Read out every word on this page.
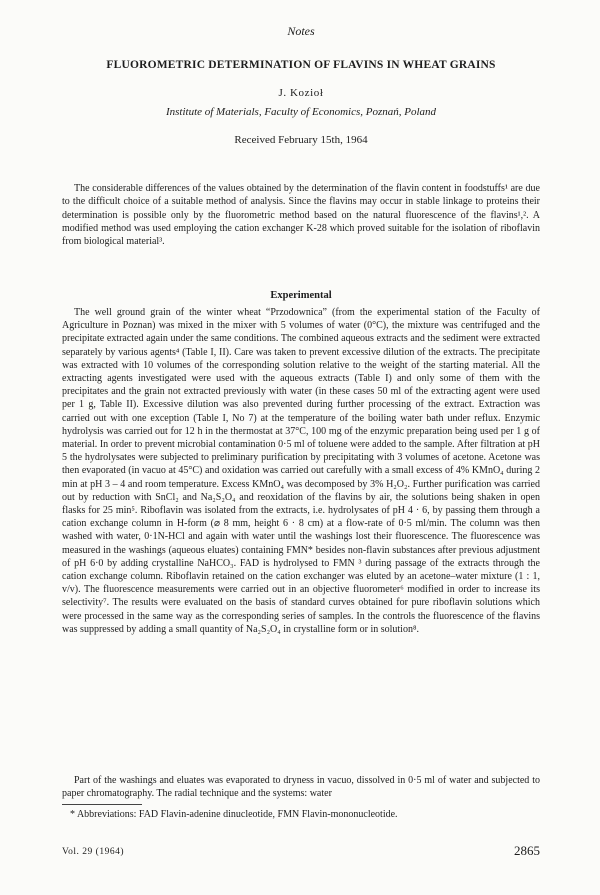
Notes
FLUOROMETRIC DETERMINATION OF FLAVINS IN WHEAT GRAINS
J. Kozioł
Institute of Materials, Faculty of Economics, Poznań, Poland
Received February 15th, 1964

The considerable differences of the values obtained by the determination of the flavin content in foodstuffs¹ are due to the difficult choice of a suitable method of analysis. Since the flavins may occur in stable linkage to proteins their determination is possible only by the fluorometric method based on the natural fluorescence of the flavins¹,². A modified method was used employing the cation exchanger K-28 which proved suitable for the isolation of riboflavin from biological material³.

Experimental

The well ground grain of the winter wheat “Przodownica” (from the experimental station of the Faculty of Agriculture in Poznan) was mixed in the mixer with 5 volumes of water (0°C), the mixture was centrifuged and the precipitate extracted again under the same conditions. The combined aqueous extracts and the sediment were extracted separately by various agents⁴ (Table I, II). Care was taken to prevent excessive dilution of the extracts. The precipitate was extracted with 10 volumes of the corresponding solution relative to the weight of the starting material. All the extracting agents investigated were used with the aqueous extracts (Table I) and only some of them with the precipitates and the grain not extracted previously with water (in these cases 50 ml of the extracting agent were used per 1 g, Table II). Excessive dilution was also prevented during further processing of the extract. Extraction was carried out with one exception (Table I, No 7) at the temperature of the boiling water bath under reflux. Enzymic hydrolysis was carried out for 12 h in the thermostat at 37°C, 100 mg of the enzymic preparation being used per 1 g of material. In order to prevent microbial contamination 0·5 ml of toluene were added to the sample. After filtration at pH 5 the hydrolysates were subjected to preliminary purification by precipitating with 3 volumes of acetone. Acetone was then evaporated (in vacuo at 45°C) and oxidation was carried out carefully with a small excess of 4% KMnO₄ during 2 min at pH 3 – 4 and room temperature. Excess KMnO₄ was decomposed by 3% H₂O₂. Further purification was carried out by reduction with SnCl₂ and Na₂S₂O₄ and reoxidation of the flavins by air, the solutions being shaken in open flasks for 25 min⁵. Riboflavin was isolated from the extracts, i.e. hydrolysates of pH 4 · 6, by passing them through a cation exchange column in H-form (⌀ 8 mm, height 6 · 8 cm) at a flow-rate of 0·5 ml/min. The column was then washed with water, 0·1N-HCl and again with water until the washings lost their fluorescence. The fluorescence was measured in the washings (aqueous eluates) containing FMN* besides non-flavin substances after previous adjustment of pH 6·0 by adding crystalline NaHCO₃. FAD is hydrolysed to FMN ³ during passage of the extracts through the cation exchange column. Riboflavin retained on the cation exchanger was eluted by an acetone–water mixture (1 : 1, v/v). The fluorescence measurements were carried out in an objective fluorometer⁶ modified in order to increase its selectivity⁷. The results were evaluated on the basis of standard curves obtained for pure riboflavin solutions which were processed in the same way as the corresponding series of samples. In the controls the fluorescence of the flavins was suppressed by adding a small quantity of Na₂S₂O₄ in crystalline form or in solution⁸.

Part of the washings and eluates was evaporated to dryness in vacuo, dissolved in 0·5 ml of water and subjected to paper chromatography. The radial technique and the systems: water

* Abbreviations: FAD Flavin-adenine dinucleotide, FMN Flavin-mononucleotide.
Vol. 29 (1964)	2865
